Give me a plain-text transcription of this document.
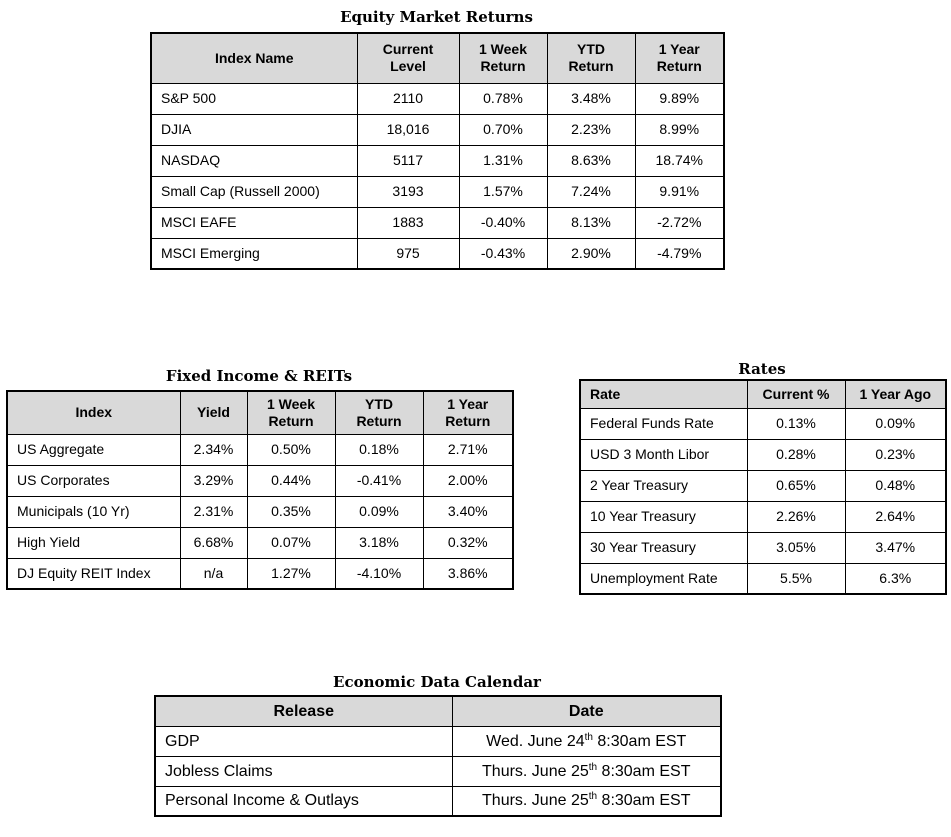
Equity Market Returns
Index Name	Current Level	1 Week Return	YTD Return	1 Year Return
S&P 500	2110	0.78%	3.48%	9.89%
DJIA	18,016	0.70%	2.23%	8.99%
NASDAQ	5117	1.31%	8.63%	18.74%
Small Cap (Russell 2000)	3193	1.57%	7.24%	9.91%
MSCI EAFE	1883	-0.40%	8.13%	-2.72%
MSCI Emerging	975	-0.43%	2.90%	-4.79%
Fixed Income & REITs
Index	Yield	1 Week Return	YTD Return	1 Year Return
US Aggregate	2.34%	0.50%	0.18%	2.71%
US Corporates	3.29%	0.44%	-0.41%	2.00%
Municipals (10 Yr)	2.31%	0.35%	0.09%	3.40%
High Yield	6.68%	0.07%	3.18%	0.32%
DJ Equity REIT Index	n/a	1.27%	-4.10%	3.86%
Rates
Rate	Current %	1 Year Ago
Federal Funds Rate	0.13%	0.09%
USD 3 Month Libor	0.28%	0.23%
2 Year Treasury	0.65%	0.48%
10 Year Treasury	2.26%	2.64%
30 Year Treasury	3.05%	3.47%
Unemployment Rate	5.5%	6.3%
Economic Data Calendar
Release	Date
GDP	Wed. June 24th 8:30am EST
Jobless Claims	Thurs. June 25th 8:30am EST
Personal Income & Outlays	Thurs. June 25th 8:30am EST
